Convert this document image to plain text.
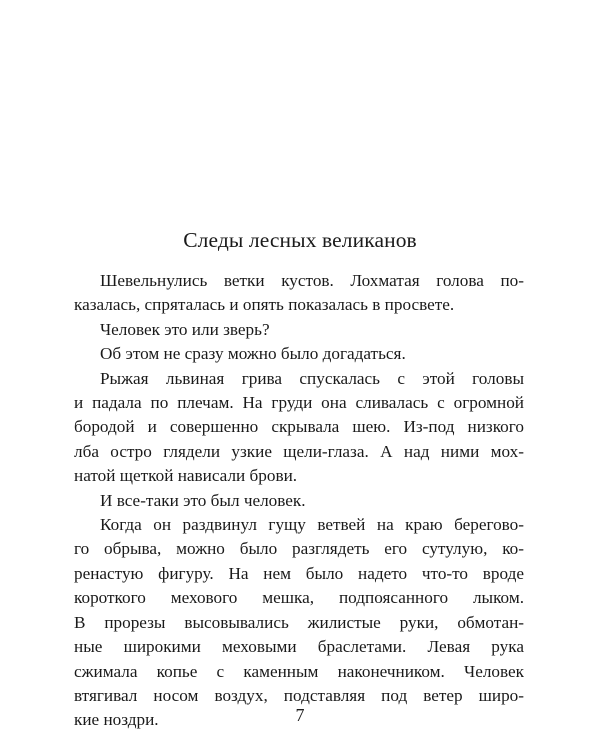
Следы лесных великанов
Шевельнулись ветки кустов. Лохматая голова по-
казалась, спряталась и опять показалась в просвете.
Человек это или зверь?
Об этом не сразу можно было догадаться.
Рыжая львиная грива спускалась с этой головы
и падала по плечам. На груди она сливалась с огромной
бородой и совершенно скрывала шею. Из-под низкого
лба остро глядели узкие щели-глаза. А над ними мох-
натой щеткой нависали брови.
И все-таки это был человек.
Когда он раздвинул гущу ветвей на краю берегово-
го обрыва, можно было разглядеть его сутулую, ко-
ренастую фигуру. На нем было надето что-то вроде
короткого мехового мешка, подпоясанного лыком.
В прорезы высовывались жилистые руки, обмотан-
ные широкими меховыми браслетами. Левая рука
сжимала копье с каменным наконечником. Человек
втягивал носом воздух, подставляя под ветер широ-
кие ноздри.	7
